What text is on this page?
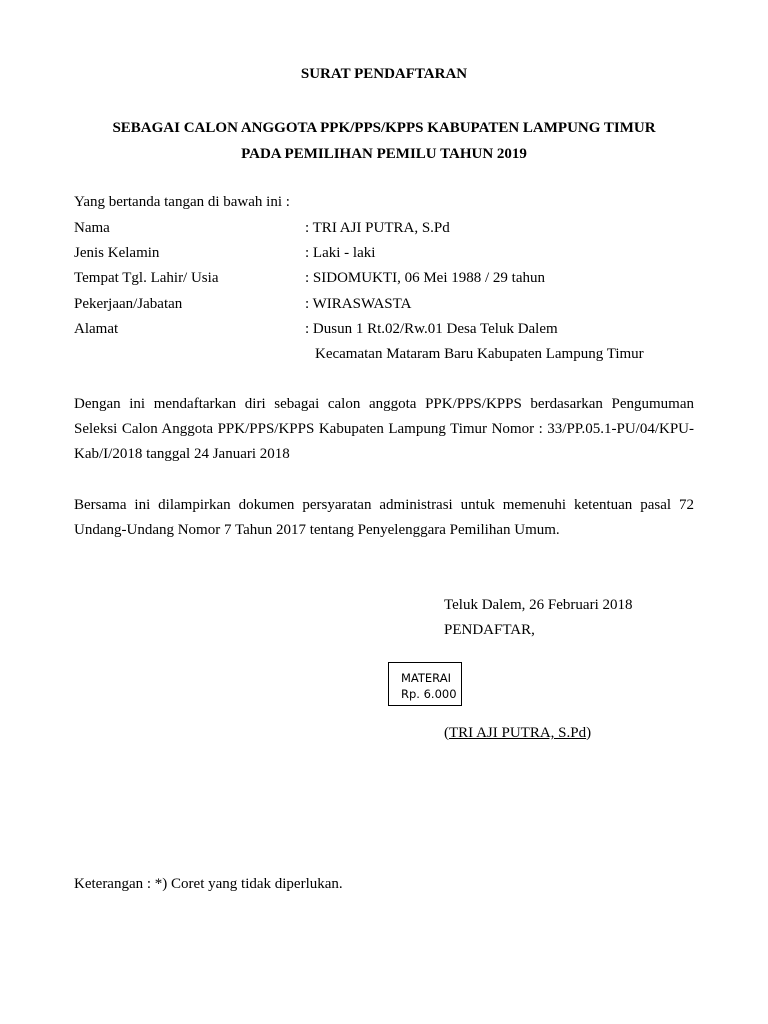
SURAT PENDAFTARAN
SEBAGAI CALON ANGGOTA PPK/PPS/KPPS KABUPATEN LAMPUNG TIMUR
PADA PEMILIHAN PEMILU TAHUN 2019
Yang bertanda tangan di bawah ini :
Nama	: TRI AJI PUTRA, S.Pd
Jenis Kelamin	: Laki - laki
Tempat Tgl. Lahir/ Usia	: SIDOMUKTI, 06 Mei 1988 / 29 tahun
Pekerjaan/Jabatan	: WIRASWASTA
Alamat	: Dusun 1 Rt.02/Rw.01 Desa Teluk Dalem
Kecamatan Mataram Baru Kabupaten Lampung Timur
Dengan ini mendaftarkan diri sebagai calon anggota PPK/PPS/KPPS berdasarkan Pengumuman Seleksi Calon Anggota PPK/PPS/KPPS Kabupaten Lampung Timur Nomor : 33/PP.05.1-PU/04/KPU-Kab/I/2018 tanggal 24 Januari 2018
Bersama ini dilampirkan dokumen persyaratan administrasi untuk memenuhi ketentuan pasal 72 Undang-Undang Nomor 7 Tahun 2017 tentang Penyelenggara Pemilihan Umum.
Teluk Dalem, 26 Februari 2018
PENDAFTAR,
MATERAI
Rp. 6.000
(TRI AJI PUTRA, S.Pd)
Keterangan : *) Coret yang tidak diperlukan.
